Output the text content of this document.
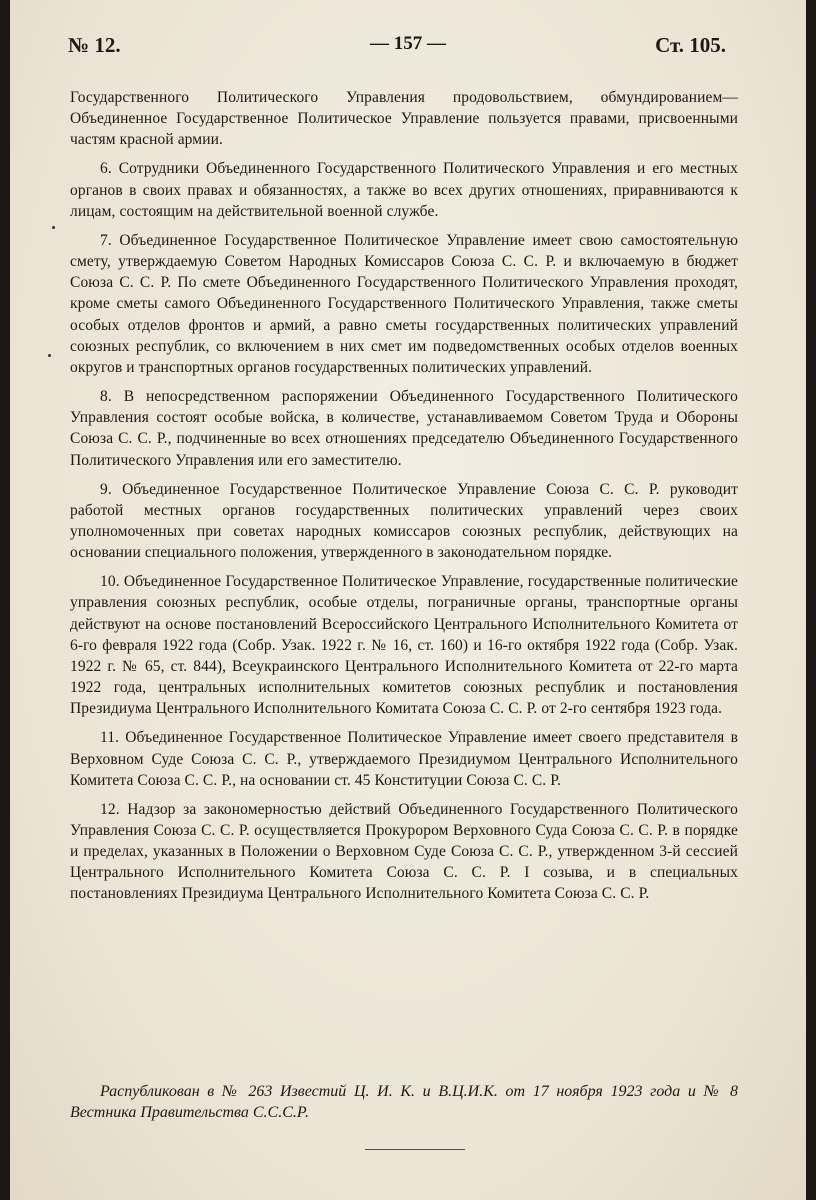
№ 12.	— 157 —	Ст. 105.

Государственного Политического Управления продовольствием, обмундированием—Объединенное Государственное Политическое Управление пользуется правами, присвоенными частям красной армии.

6. Сотрудники Объединенного Государственного Политического Управления и его местных органов в своих правах и обязанностях, а также во всех других отношениях, приравниваются к лицам, состоящим на действительной военной службе.

7. Объединенное Государственное Политическое Управление имеет свою самостоятельную смету, утверждаемую Советом Народных Комиссаров Союза С. С. Р. и включаемую в бюджет Союза С. С. Р. По смете Объединенного Государственного Политического Управления проходят, кроме сметы самого Объединенного Государственного Политического Управления, также сметы особых отделов фронтов и армий, а равно сметы государственных политических управлений союзных республик, со включением в них смет им подведомственных особых отделов военных округов и транспортных органов государственных политических управлений.

8. В непосредственном распоряжении Объединенного Государственного Политического Управления состоят особые войска, в количестве, устанавливаемом Советом Труда и Обороны Союза С. С. Р., подчиненные во всех отношениях председателю Объединенного Государственного Политического Управления или его заместителю.

9. Объединенное Государственное Политическое Управление Союза С. С. Р. руководит работой местных органов государственных политических управлений через своих уполномоченных при советах народных комиссаров союзных республик, действующих на основании специального положения, утвержденного в законодательном порядке.

10. Объединенное Государственное Политическое Управление, государственные политические управления союзных республик, особые отделы, пограничные органы, транспортные органы действуют на основе постановлений Всероссийского Центрального Исполнительного Комитета от 6-го февраля 1922 года (Собр. Узак. 1922 г. № 16, ст. 160) и 16-го октября 1922 года (Собр. Узак. 1922 г. № 65, ст. 844), Всеукраинского Центрального Исполнительного Комитета от 22-го марта 1922 года, центральных исполнительных комитетов союзных республик и постановления Президиума Центрального Исполнительного Комитата Союза С. С. Р. от 2-го сентября 1923 года.

11. Объединенное Государственное Политическое Управление имеет своего представителя в Верховном Суде Союза С. С. Р., утверждаемого Президиумом Центрального Исполнительного Комитета Союза С. С. Р., на основании ст. 45 Конституции Союза С. С. Р.

12. Надзор за закономерностью действий Объединенного Государственного Политического Управления Союза С. С. Р. осуществляется Прокурором Верховного Суда Союза С. С. Р. в порядке и пределах, указанных в Положении о Верховном Суде Союза С. С. Р., утвержденном 3-й сессией Центрального Исполнительного Комитета Союза С. С. Р. I созыва, и в специальных постановлениях Президиума Центрального Исполнительного Комитета Союза С. С. Р.

Распубликован в № 263 Известий Ц. И. К. и В.Ц.И.К. от 17 ноября 1923 года и № 8 Вестника Правительства С.С.С.Р.
